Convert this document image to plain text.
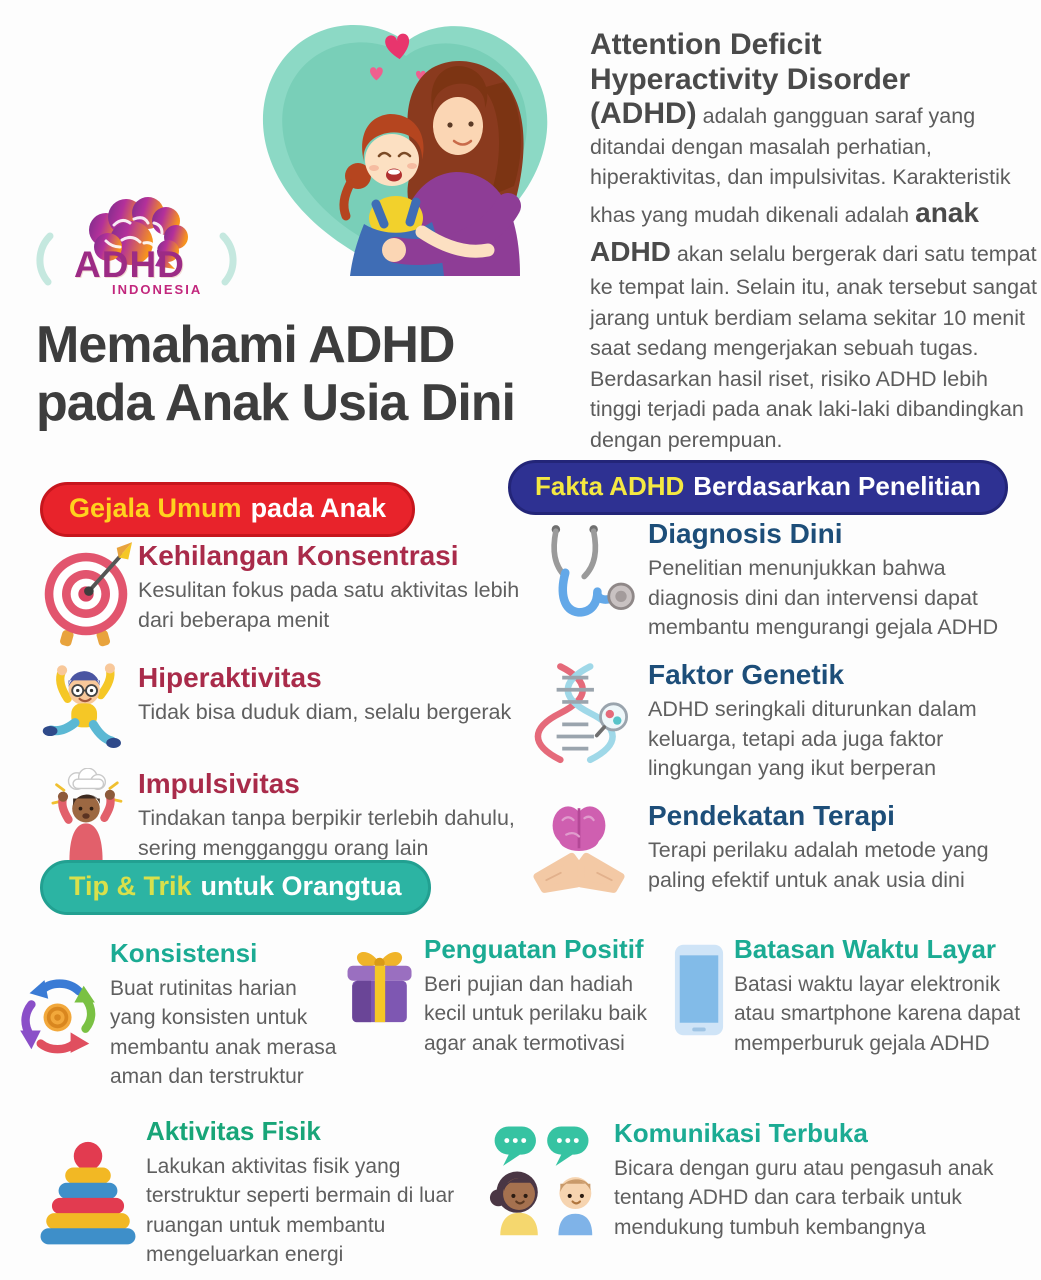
ADHD
INDONESIA

Attention Deficit
Hyperactivity Disorder
(ADHD) adalah gangguan saraf yang ditandai dengan masalah perhatian, hiperaktivitas, dan impulsivitas. Karakteristik khas yang mudah dikenali adalah anak ADHD akan selalu bergerak dari satu tempat ke tempat lain. Selain itu, anak tersebut sangat jarang untuk berdiam selama sekitar 10 menit saat sedang mengerjakan sebuah tugas. Berdasarkan hasil riset, risiko ADHD lebih tinggi terjadi pada anak laki-laki dibandingkan dengan perempuan.

Memahami ADHD
pada Anak Usia Dini
Gejala Umum pada Anak
Kehilangan Konsentrasi

Kesulitan fokus pada satu aktivitas lebih dari beberapa menit

Hiperaktivitas

Tidak bisa duduk diam, selalu bergerak

Impulsivitas

Tindakan tanpa berpikir terlebih dahulu, sering mengganggu orang lain

Fakta ADHD Berdasarkan Penelitian
Diagnosis Dini

Penelitian menunjukkan bahwa diagnosis dini dan intervensi dapat membantu mengurangi gejala ADHD

Faktor Genetik

ADHD seringkali diturunkan dalam keluarga, tetapi ada juga faktor lingkungan yang ikut berperan

Pendekatan Terapi

Terapi perilaku adalah metode yang paling efektif untuk anak usia dini

Tip & Trik untuk Orangtua
Konsistensi

Buat rutinitas harian yang konsisten untuk membantu anak merasa aman dan terstruktur

Penguatan Positif

Beri pujian dan hadiah kecil untuk perilaku baik agar anak termotivasi

Batasan Waktu Layar

Batasi waktu layar elektronik atau smartphone karena dapat memperburuk gejala ADHD

Aktivitas Fisik

Lakukan aktivitas fisik yang terstruktur seperti bermain di luar ruangan untuk membantu mengeluarkan energi

Komunikasi Terbuka

Bicara dengan guru atau pengasuh anak tentang ADHD dan cara terbaik untuk mendukung tumbuh kembangnya
